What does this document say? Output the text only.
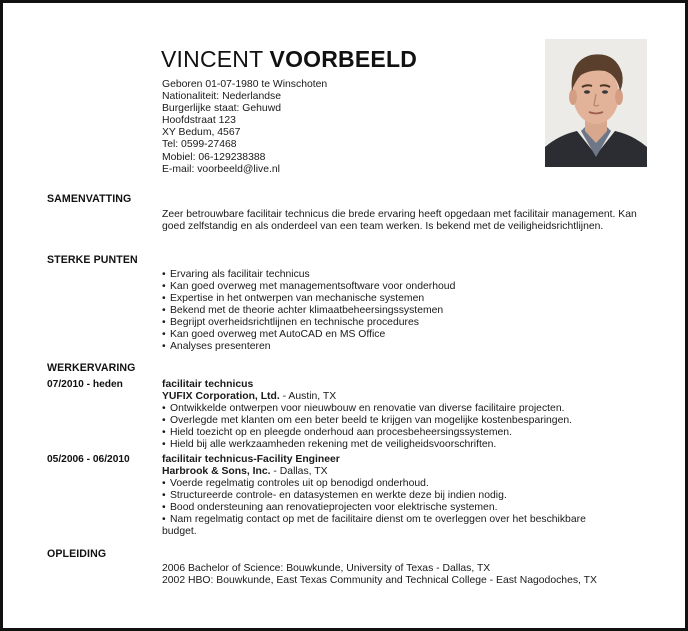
VINCENT VOORBEELD
Geboren 01-07-1980 te Winschoten
Nationaliteit: Nederlandse
Burgerlijke staat: Gehuwd
Hoofdstraat 123
XY Bedum, 4567
Tel: 0599-27468
Mobiel: 06-129238388
E-mail: voorbeeld@live.nl
SAMENVATTING

Zeer betrouwbare facilitair technicus die brede ervaring heeft opgedaan met facilitair management. Kan goed zelfstandig en als onderdeel van een team werken. Is bekend met de veiligheidsrichtlijnen.

STERKE PUNTEN
• Ervaring als facilitair technicus
• Kan goed overweg met managementsoftware voor onderhoud
• Expertise in het ontwerpen van mechanische systemen
• Bekend met de theorie achter klimaatbeheersingssystemen
• Begrijpt overheidsrichtlijnen en technische procedures
• Kan goed overweg met AutoCAD en MS Office
• Analyses presenteren
WERKERVARING
07/2010 - heden	facilitair technicus
YUFIX Corporation, Ltd. - Austin, TX
• Ontwikkelde ontwerpen voor nieuwbouw en renovatie van diverse facilitaire projecten.
• Overlegde met klanten om een beter beeld te krijgen van mogelijke kostenbesparingen.
• Hield toezicht op en pleegde onderhoud aan procesbeheersingssystemen.
• Hield bij alle werkzaamheden rekening met de veiligheidsvoorschriften.
05/2006 - 06/2010	facilitair technicus-Facility Engineer
Harbrook & Sons, Inc. - Dallas, TX
• Voerde regelmatig controles uit op benodigd onderhoud.
• Structureerde controle- en datasystemen en werkte deze bij indien nodig.
• Bood ondersteuning aan renovatieprojecten voor elektrische systemen.
• Nam regelmatig contact op met de facilitaire dienst om te overleggen over het beschikbare budget.
OPLEIDING
2006 Bachelor of Science: Bouwkunde, University of Texas - Dallas, TX
2002 HBO: Bouwkunde, East Texas Community and Technical College - East Nagodoches, TX
